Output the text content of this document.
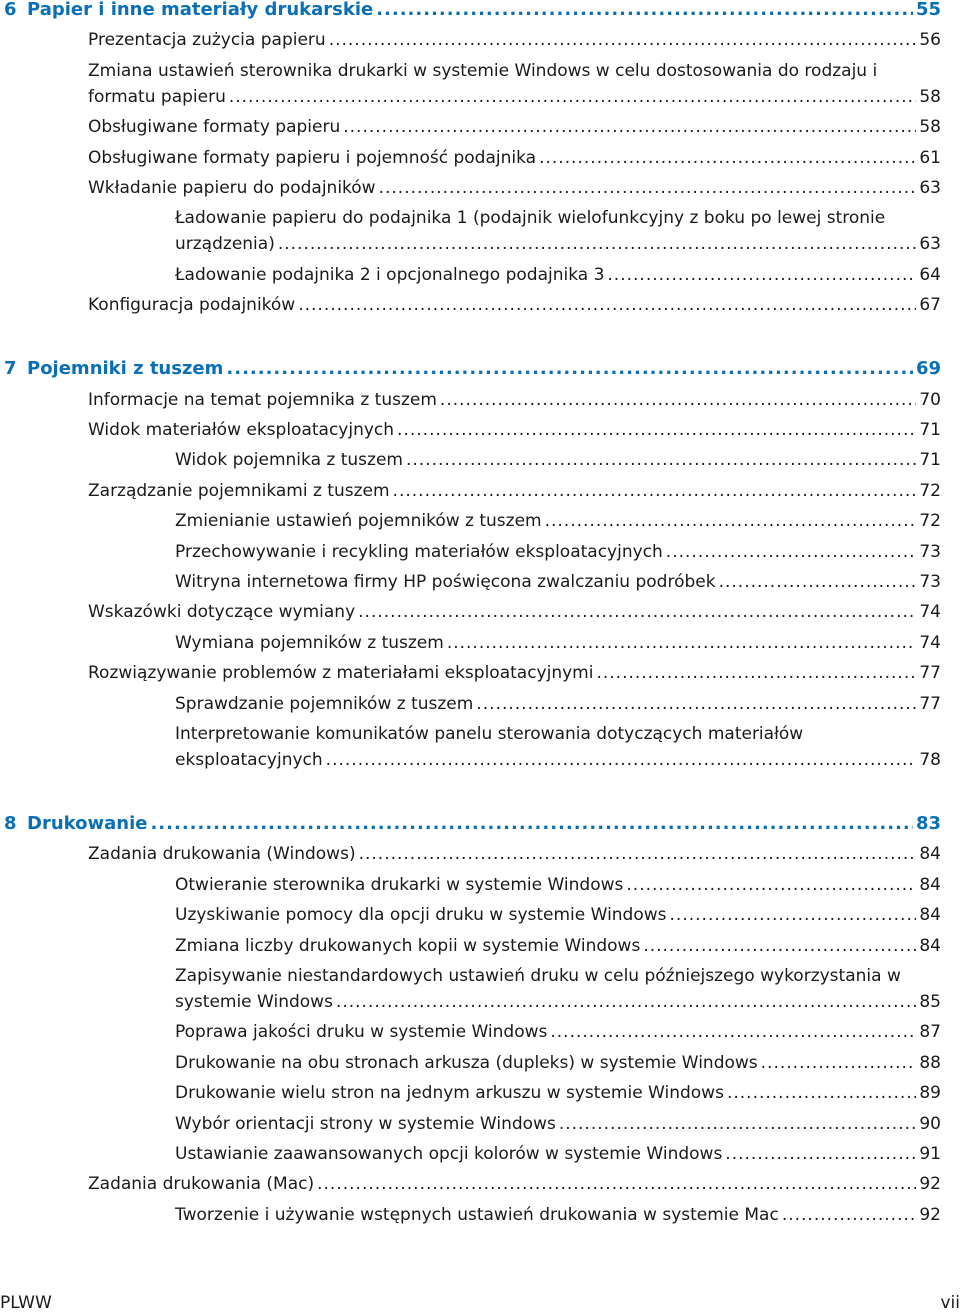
6 Papier i inne materiały drukarskie .....	55
Prezentacja zużycia papieru .....	56
Zmiana ustawień sterownika drukarki w systemie Windows w celu dostosowania do rodzaju i
formatu papieru .....	58
Obsługiwane formaty papieru .....	58
Obsługiwane formaty papieru i pojemność podajnika .....	61
Wkładanie papieru do podajników .....	63
Ładowanie papieru do podajnika 1 (podajnik wielofunkcyjny z boku po lewej stronie
urządzenia) .....	63
Ładowanie podajnika 2 i opcjonalnego podajnika 3 .....	64
Konfiguracja podajników .....	67
7 Pojemniki z tuszem .....	69
Informacje na temat pojemnika z tuszem .....	70
Widok materiałów eksploatacyjnych .....	71
Widok pojemnika z tuszem .....	71
Zarządzanie pojemnikami z tuszem .....	72
Zmienianie ustawień pojemników z tuszem .....	72
Przechowywanie i recykling materiałów eksploatacyjnych .....	73
Witryna internetowa firmy HP poświęcona zwalczaniu podróbek .....	73
Wskazówki dotyczące wymiany .....	74
Wymiana pojemników z tuszem .....	74
Rozwiązywanie problemów z materiałami eksploatacyjnymi .....	77
Sprawdzanie pojemników z tuszem .....	77
Interpretowanie komunikatów panelu sterowania dotyczących materiałów
eksploatacyjnych .....	78
8 Drukowanie .....	83
Zadania drukowania (Windows) .....	84
Otwieranie sterownika drukarki w systemie Windows .....	84
Uzyskiwanie pomocy dla opcji druku w systemie Windows .....	84
Zmiana liczby drukowanych kopii w systemie Windows .....	84
Zapisywanie niestandardowych ustawień druku w celu późniejszego wykorzystania w
systemie Windows .....	85
Poprawa jakości druku w systemie Windows .....	87
Drukowanie na obu stronach arkusza (dupleks) w systemie Windows .....	88
Drukowanie wielu stron na jednym arkuszu w systemie Windows .....	89
Wybór orientacji strony w systemie Windows .....	90
Ustawianie zaawansowanych opcji kolorów w systemie Windows .....	91
Zadania drukowania (Mac) .....	92
Tworzenie i używanie wstępnych ustawień drukowania w systemie Mac .....	92
PLWW	vii
